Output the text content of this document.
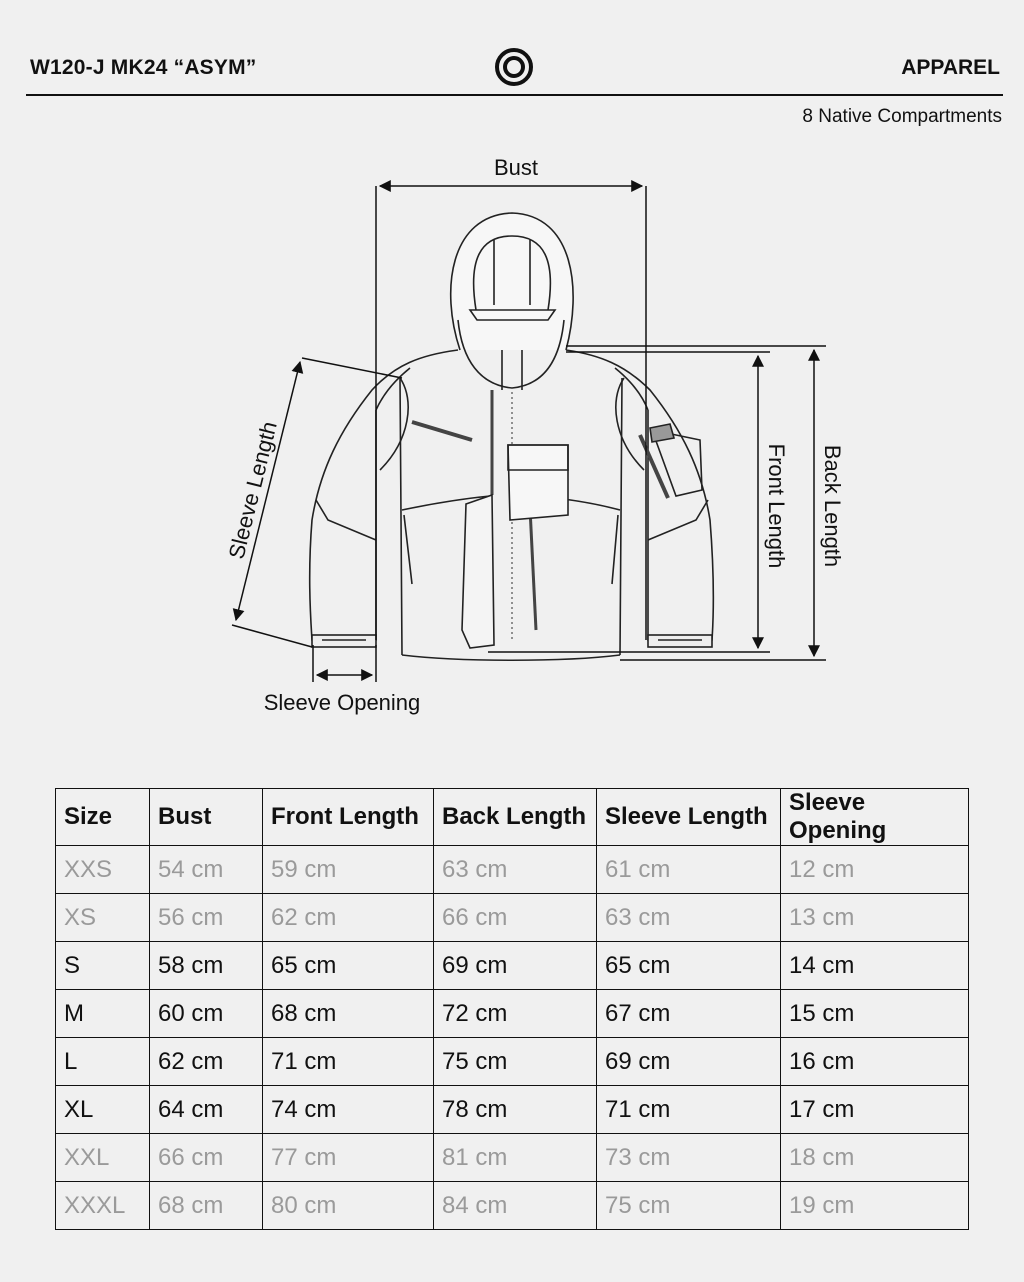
W120-J MK24 “ASYM”	APPAREL
8 Native Compartments
Bust
Front Length Back Length
Sleeve Length
Sleeve Opening
Size	Bust	Front Length	Back Length	Sleeve Length	Sleeve Opening
XXS	54 cm	59 cm	63 cm	61 cm	12 cm
XS	56 cm	62 cm	66 cm	63 cm	13 cm
S	58 cm	65 cm	69 cm	65 cm	14 cm
M	60 cm	68 cm	72 cm	67 cm	15 cm
L	62 cm	71 cm	75 cm	69 cm	16 cm
XL	64 cm	74 cm	78 cm	71 cm	17 cm
XXL	66 cm	77 cm	81 cm	73 cm	18 cm
XXXL	68 cm	80 cm	84 cm	75 cm	19 cm
